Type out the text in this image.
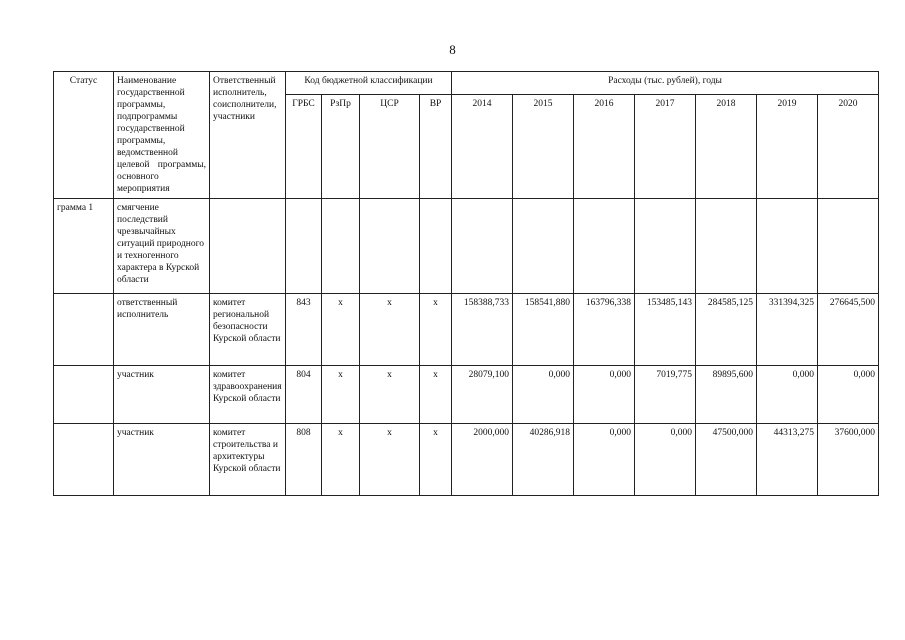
8
Статус	Наименование государственной программы, подпрограммы государственной программы, ведомственной целевой программы, основного мероприятия	Ответственный исполнитель, соисполнители, участники	Код бюджетной классификации				Расходы (тыс. рублей), годы						
			ГРБС	РзПр	ЦСР	ВР	2014	2015	2016	2017	2018	2019	2020
грамма 1	смягчение последствий чрезвычайных ситуаций природного и техногенного характера в Курской области												
	ответственный исполнитель	комитет региональной безопасности Курской области	843	х	х	х	158388,733	158541,880	163796,338	153485,143	284585,125	331394,325	276645,500
	участник	комитет здравоохранения Курской области	804	х	х	х	28079,100	0,000	0,000	7019,775	89895,600	0,000	0,000
	участник	комитет строительства и архитектуры Курской области	808	х	х	х	2000,000	40286,918	0,000	0,000	47500,000	44313,275	37600,000
